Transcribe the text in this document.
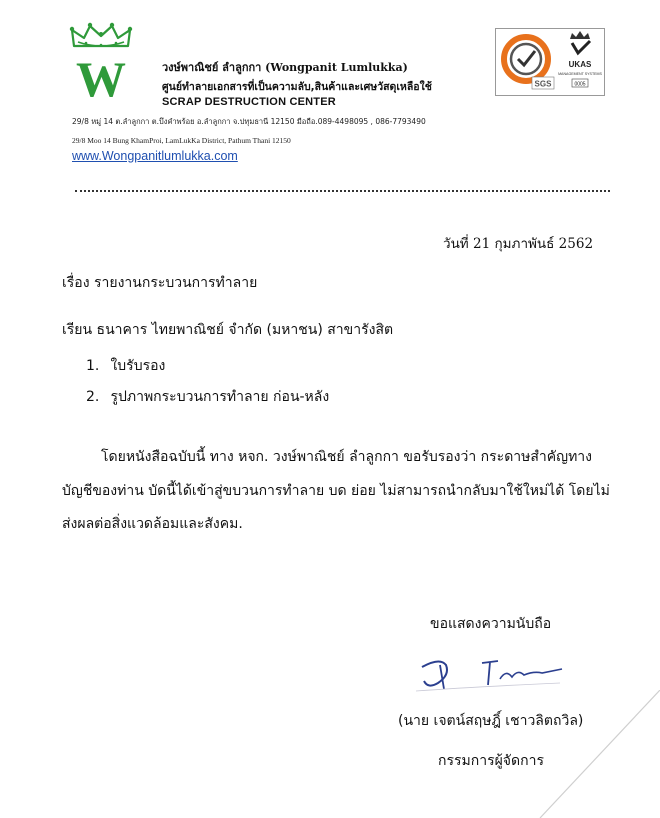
W	วงษ์พาณิชย์ ลำลูกกา (Wongpanit Lumlukka)
ศูนย์ทำลายเอกสารที่เป็นความลับ,สินค้าและเศษวัสดุเหลือใช้
SCRAP DESTRUCTION CENTER
29/8 หมู่ 14 ต.ลำลูกกา ต.บึงคำพร้อย อ.ลำลูกกา จ.ปทุมธานี 12150 มือถือ.089-4498095 , 086-7793490
29/8 Moo 14 Bung KhamProi, LamLukKa District, Pathum Thani 12150
www.Wongpanitlumlukka.com
SGS
UKAS
MANAGEMENT SYSTEMS
0005
วันที่ 21 กุมภาพันธ์ 2562
เรื่อง รายงานกระบวนการทำลาย
เรียน ธนาคาร ไทยพาณิชย์ จำกัด (มหาชน) สาขารังสิต
1. ใบรับรอง
2. รูปภาพกระบวนการทำลาย ก่อน-หลัง
โดยหนังสือฉบับนี้ ทาง หจก. วงษ์พาณิชย์ ลำลูกกา ขอรับรองว่า กระดาษสำคัญทาง
บัญชีของท่าน บัดนี้ได้เข้าสู่ขบวนการทำลาย บด ย่อย ไม่สามารถนำกลับมาใช้ใหม่ได้ โดยไม่
ส่งผลต่อสิ่งแวดล้อมและสังคม.
ขอแสดงความนับถือ
(นาย เจตน์สฤษฎิ์ เชาวลิตถวิล)
กรรมการผู้จัดการ
